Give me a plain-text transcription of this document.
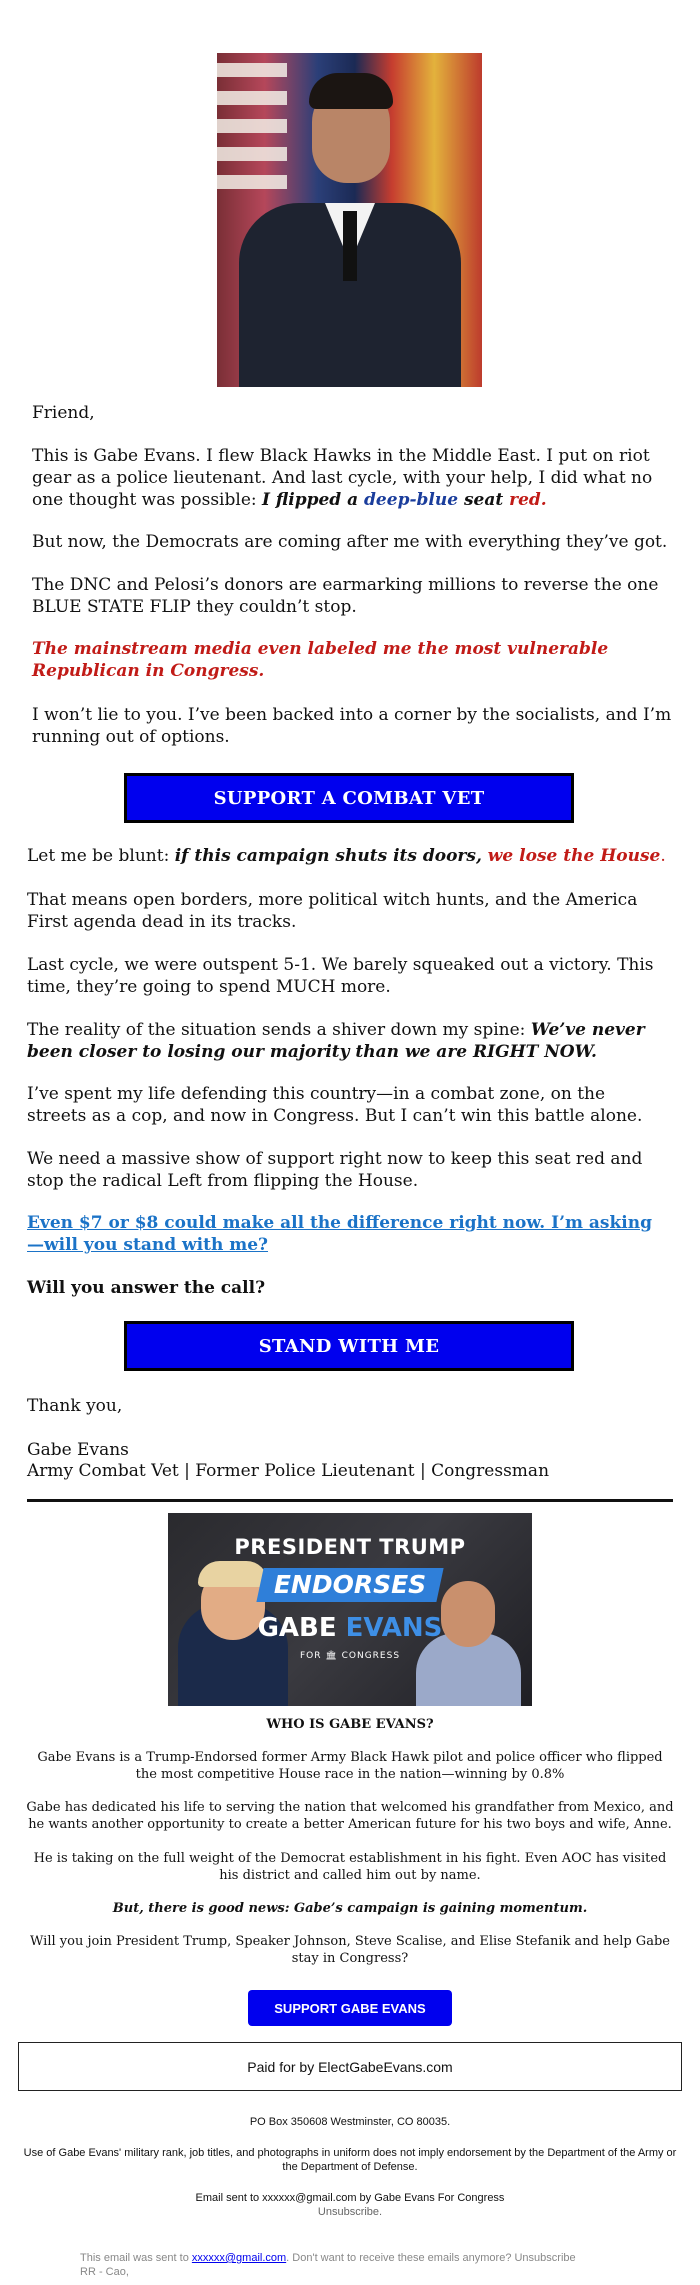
Friend,

This is Gabe Evans. I flew Black Hawks in the Middle East. I put on riot gear as a police lieutenant. And last cycle, with your help, I did what no one thought was possible: I flipped a deep-blue seat red.

But now, the Democrats are coming after me with everything they’ve got.

The DNC and Pelosi’s donors are earmarking millions to reverse the one BLUE STATE FLIP they couldn’t stop.

The mainstream media even labeled me the most vulnerable Republican in Congress.

I won’t lie to you. I’ve been backed into a corner by the socialists, and I’m running out of options.

SUPPORT A COMBAT VET

Let me be blunt: if this campaign shuts its doors, we lose the House.

That means open borders, more political witch hunts, and the America First agenda dead in its tracks.

Last cycle, we were outspent 5-1. We barely squeaked out a victory. This time, they’re going to spend MUCH more.

The reality of the situation sends a shiver down my spine: We’ve never been closer to losing our majority than we are RIGHT NOW.

I’ve spent my life defending this country—in a combat zone, on the streets as a cop, and now in Congress. But I can’t win this battle alone.

We need a massive show of support right now to keep this seat red and stop the radical Left from flipping the House.

Even $7 or $8 could make all the difference right now. I’m asking—will you stand with me?

Will you answer the call?

STAND WITH ME

Thank you,

Gabe Evans

Army Combat Vet | Former Police Lieutenant | Congressman

PRESIDENT TRUMP
ENDORSES
GABE EVANS
FOR 🏛 CONGRESS

WHO IS GABE EVANS?

Gabe Evans is a Trump-Endorsed former Army Black Hawk pilot and police officer who flipped the most competitive House race in the nation—winning by 0.8%

Gabe has dedicated his life to serving the nation that welcomed his grandfather from Mexico, and he wants another opportunity to create a better American future for his two boys and wife, Anne.

He is taking on the full weight of the Democrat establishment in his fight. Even AOC has visited his district and called him out by name.

But, there is good news: Gabe’s campaign is gaining momentum.

Will you join President Trump, Speaker Johnson, Steve Scalise, and Elise Stefanik and help Gabe stay in Congress?

SUPPORT GABE EVANS
Paid for by ElectGabeEvans.com

PO Box 350608 Westminster, CO 80035.

Use of Gabe Evans' military rank, job titles, and photographs in uniform does not imply endorsement by the Department of the Army or the Department of Defense.

Email sent to xxxxxx@gmail.com by Gabe Evans For Congress

Unsubscribe.

This email was sent to xxxxxx@gmail.com. Don't want to receive these emails anymore? Unsubscribe
RR - Cao,
